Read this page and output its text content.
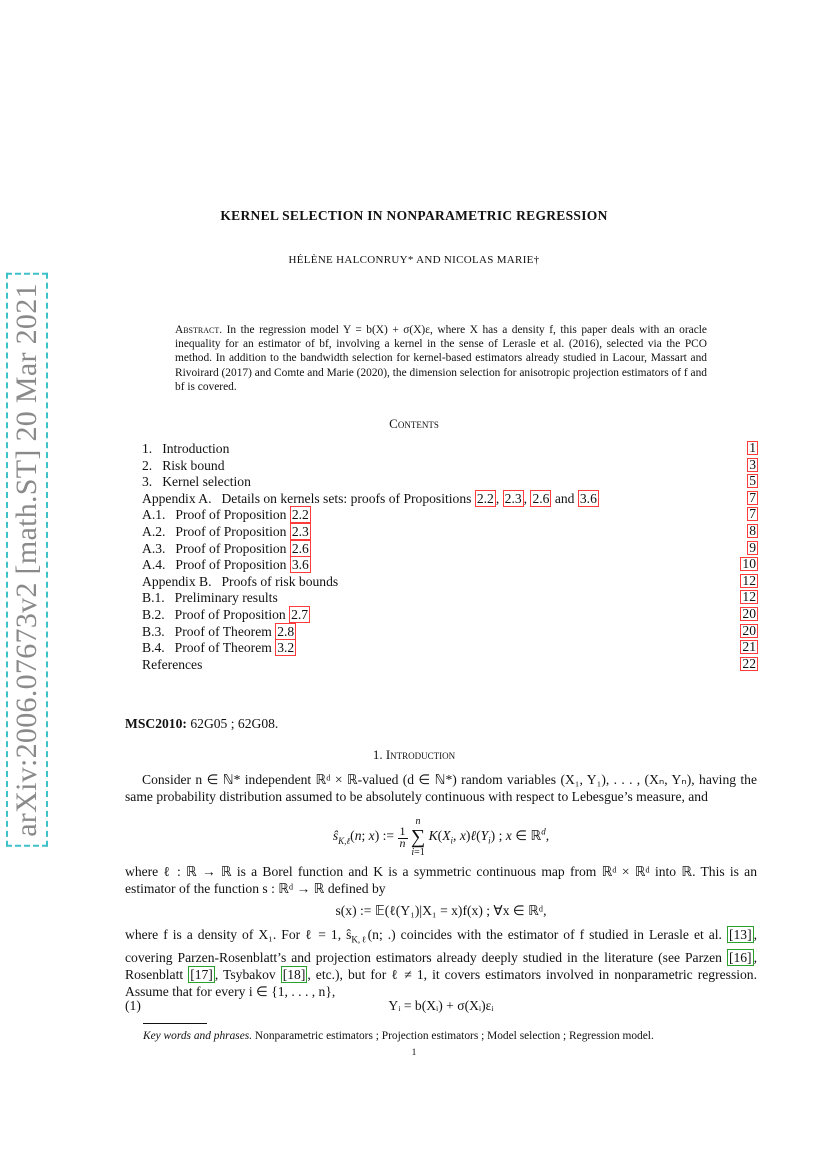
arXiv:2006.07673v2 [math.ST] 20 Mar 2021
KERNEL SELECTION IN NONPARAMETRIC REGRESSION
HÉLÈNE HALCONRUY* AND NICOLAS MARIE†
Abstract. In the regression model Y = b(X) + σ(X)ε, where X has a density f, this paper deals with an oracle inequality for an estimator of bf, involving a kernel in the sense of Lerasle et al. (2016), selected via the PCO method. In addition to the bandwidth selection for kernel-based estimators already studied in Lacour, Massart and Rivoirard (2017) and Comte and Marie (2020), the dimension selection for anisotropic projection estimators of f and bf is covered.
Contents
1. Introduction	1
2. Risk bound	3
3. Kernel selection	5
Appendix A. Details on kernels sets: proofs of Propositions 2.2 , 2.3 , 2.6 and 3.6	7
A.1. Proof of Proposition 2.2	7
A.2. Proof of Proposition 2.3	8
A.3. Proof of Proposition 2.6	9
A.4. Proof of Proposition 3.6	10
Appendix B. Proofs of risk bounds	12
B.1. Preliminary results	12
B.2. Proof of Proposition 2.7	20
B.3. Proof of Theorem 2.8	20
B.4. Proof of Theorem 3.2	21
References	22
MSC2010: 62G05 ; 62G08.
1. Introduction
Consider n ∈ ℕ* independent ℝᵈ × ℝ-valued (d ∈ ℕ*) random variables (X₁, Y₁), . . . , (Xₙ, Yₙ), having the same probability distribution assumed to be absolutely continuous with respect to Lebesgue’s measure, and
$ŝ_{K,\ell}(n$; x) := $\frac{1}{n}$ n
∑
i=1 $K(X_i$, $x)\ell(Y_i)$ ; x ∈ ℝ$^d$,
where ℓ : ℝ → ℝ is a Borel function and K is a symmetric continuous map from ℝᵈ × ℝᵈ into ℝ. This is an estimator of the function s : ℝᵈ → ℝ defined by
s(x) := 𝔼(ℓ(Y₁)|X₁ = x)f(x) ; ∀x ∈ ℝᵈ,
where f is a density of X₁. For ℓ = 1, $ŝ_{K,\ell}(n$; .) coincides with the estimator of f studied in Lerasle et al. [13] , covering Parzen-Rosenblatt’s and projection estimators already deeply studied in the literature (see Parzen [16] , Rosenblatt [17] , Tsybakov [18] , etc.), but for ℓ ≠ 1, it covers estimators involved in nonparametric regression. Assume that for every i ∈ {1, . . . , n},
(1)	Yᵢ = b(Xᵢ) + σ(Xᵢ)εᵢ
Key words and phrases. Nonparametric estimators ; Projection estimators ; Model selection ; Regression model.
1
